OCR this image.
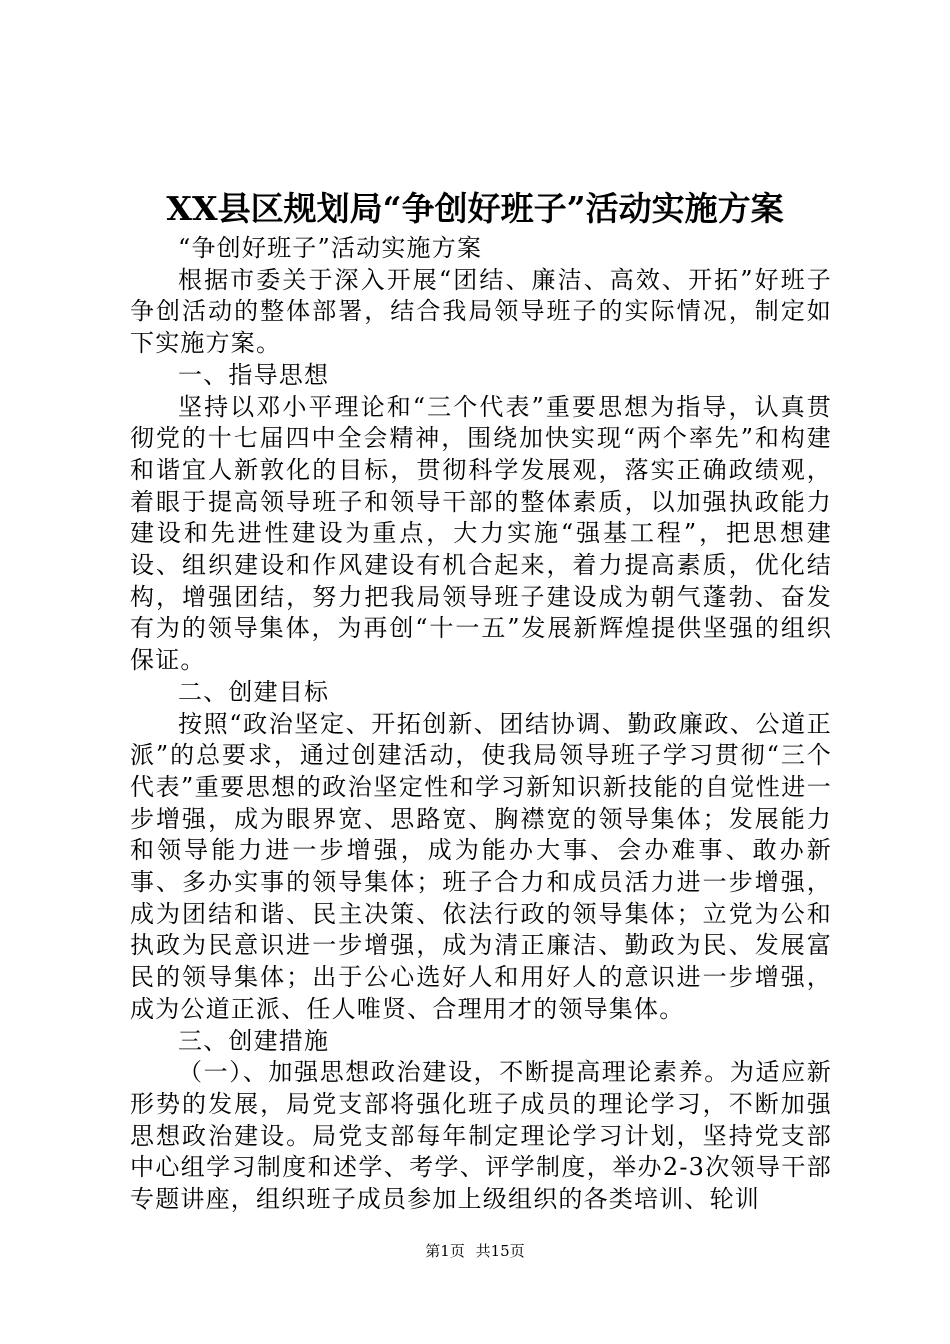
XX县区规划局“争创好班子”活动实施方案

“争创好班子”活动实施方案

根据市委关于深入开展“团结、廉洁、高效、开拓”好班子争创活动的整体部署，结合我局领导班子的实际情况，制定如下实施方案。

一、指导思想

坚持以邓小平理论和“三个代表”重要思想为指导，认真贯彻党的十七届四中全会精神，围绕加快实现“两个率先”和构建和谐宜人新敦化的目标，贯彻科学发展观，落实正确政绩观，着眼于提高领导班子和领导干部的整体素质，以加强执政能力建设和先进性建设为重点，大力实施“强基工程”，把思想建设、组织建设和作风建设有机合起来，着力提高素质，优化结构，增强团结，努力把我局领导班子建设成为朝气蓬勃、奋发有为的领导集体，为再创“十一五”发展新辉煌提供坚强的组织保证。

二、创建目标

按照“政治坚定、开拓创新、团结协调、勤政廉政、公道正派”的总要求，通过创建活动，使我局领导班子学习贯彻“三个代表”重要思想的政治坚定性和学习新知识新技能的自觉性进一步增强，成为眼界宽、思路宽、胸襟宽的领导集体；发展能力和领导能力进一步增强，成为能办大事、会办难事、敢办新事、多办实事的领导集体；班子合力和成员活力进一步增强，成为团结和谐、民主决策、依法行政的领导集体；立党为公和执政为民意识进一步增强，成为清正廉洁、勤政为民、发展富民的领导集体；出于公心选好人和用好人的意识进一步增强，成为公道正派、任人唯贤、合理用才的领导集体。

三、创建措施

（一）、加强思想政治建设，不断提高理论素养。为适应新形势的发展，局党支部将强化班子成员的理论学习，不断加强思想政治建设。局党支部每年制定理论学习计划，坚持党支部中心组学习制度和述学、考学、评学制度，举办2-3次领导干部专题讲座，组织班子成员参加上级组织的各类培训、轮训

第1页 共15页
